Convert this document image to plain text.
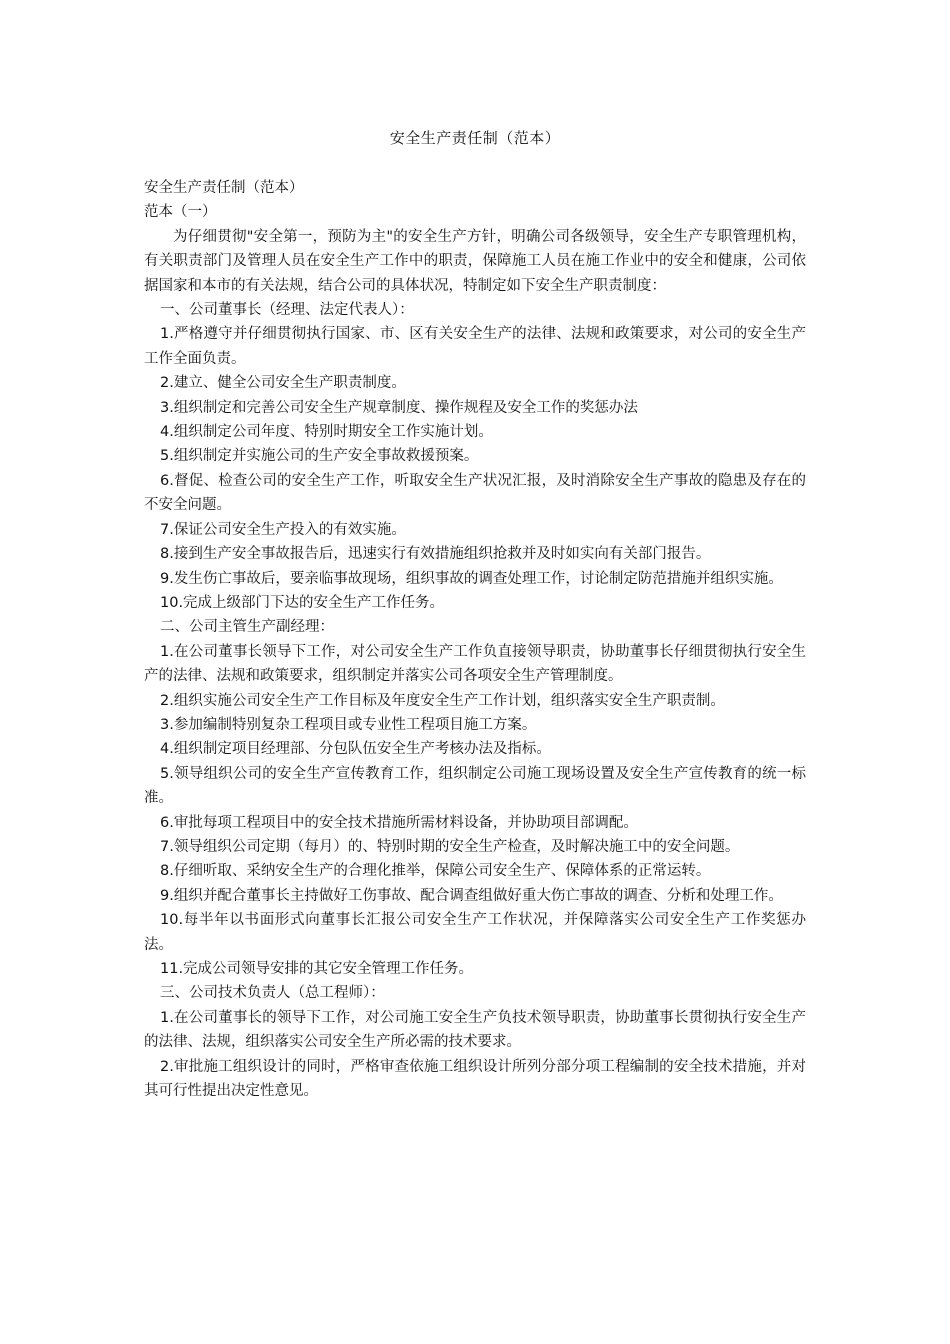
安全生产责任制（范本）

安全生产责任制（范本）

范本（一）

为仔细贯彻"安全第一，预防为主"的安全生产方针，明确公司各级领导，安全生产专职管理机构，有关职责部门及管理人员在安全生产工作中的职责，保障施工人员在施工作业中的安全和健康，公司依据国家和本市的有关法规，结合公司的具体状况，特制定如下安全生产职责制度：

一、公司董事长（经理、法定代表人）：

1.严格遵守并仔细贯彻执行国家、市、区有关安全生产的法律、法规和政策要求，对公司的安全生产工作全面负责。

2.建立、健全公司安全生产职责制度。

3.组织制定和完善公司安全生产规章制度、操作规程及安全工作的奖惩办法

4.组织制定公司年度、特别时期安全工作实施计划。

5.组织制定并实施公司的生产安全事故救援预案。

6.督促、检查公司的安全生产工作，听取安全生产状况汇报，及时消除安全生产事故的隐患及存在的不安全问题。

7.保证公司安全生产投入的有效实施。

8.接到生产安全事故报告后，迅速实行有效措施组织抢救并及时如实向有关部门报告。

9.发生伤亡事故后，要亲临事故现场，组织事故的调查处理工作，讨论制定防范措施并组织实施。

10.完成上级部门下达的安全生产工作任务。

二、公司主管生产副经理：

1.在公司董事长领导下工作，对公司安全生产工作负直接领导职责，协助董事长仔细贯彻执行安全生产的法律、法规和政策要求，组织制定并落实公司各项安全生产管理制度。

2.组织实施公司安全生产工作目标及年度安全生产工作计划，组织落实安全生产职责制。

3.参加编制特别复杂工程项目或专业性工程项目施工方案。

4.组织制定项目经理部、分包队伍安全生产考核办法及指标。

5.领导组织公司的安全生产宣传教育工作，组织制定公司施工现场设置及安全生产宣传教育的统一标准。

6.审批每项工程项目中的安全技术措施所需材料设备，并协助项目部调配。

7.领导组织公司定期（每月）的、特别时期的安全生产检查，及时解决施工中的安全问题。

8.仔细听取、采纳安全生产的合理化推举，保障公司安全生产、保障体系的正常运转。

9.组织并配合董事长主持做好工伤事故、配合调查组做好重大伤亡事故的调查、分析和处理工作。

10.每半年以书面形式向董事长汇报公司安全生产工作状况，并保障落实公司安全生产工作奖惩办法。

11.完成公司领导安排的其它安全管理工作任务。

三、公司技术负责人（总工程师）：

1.在公司董事长的领导下工作，对公司施工安全生产负技术领导职责，协助董事长贯彻执行安全生产的法律、法规，组织落实公司安全生产所必需的技术要求。

2.审批施工组织设计的同时，严格审查依施工组织设计所列分部分项工程编制的安全技术措施，并对其可行性提出决定性意见。
